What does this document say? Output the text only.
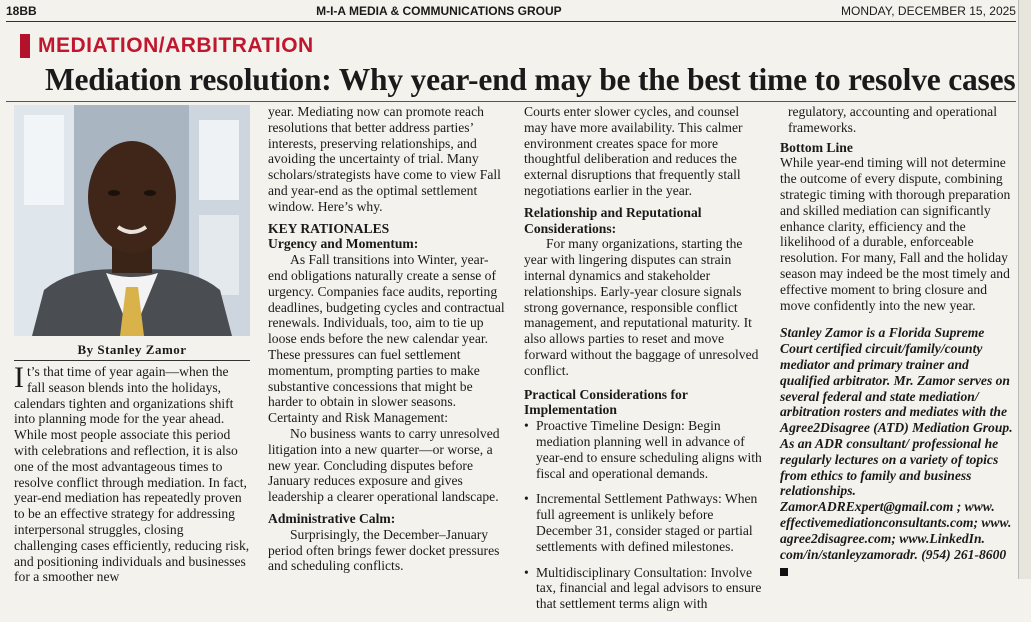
18BB	M-I-A MEDIA & COMMUNICATIONS GROUP	MONDAY, DECEMBER 15, 2025
MEDIATION/ARBITRATION
Mediation resolution: Why year-end may be the best time to resolve cases
By Stanley Zamor

It’s that time of year again—when the fall season blends into the holidays, calendars tighten and organizations shift into planning mode for the year ahead. While most people associate this period with celebrations and reflection, it is also one of the most advantageous times to resolve conflict through mediation. In fact, year-end mediation has repeatedly proven to be an effective strategy for addressing interpersonal struggles, closing challenging cases efficiently, reducing risk, and positioning individuals and businesses for a smoother new

year. Mediating now can promote reach resolutions that better address parties’ interests, preserving relationships, and avoiding the uncertainty of trial. Many scholars/strategists have come to view Fall and year-end as the optimal settlement window. Here’s why.

KEY RATIONALES

Urgency and Momentum:

As Fall transitions into Winter, year-end obligations naturally create a sense of urgency. Companies face audits, reporting deadlines, budgeting cycles and contractual renewals. Individuals, too, aim to tie up loose ends before the new calendar year. These pressures can fuel settlement momentum, prompting parties to make substantive concessions that might be harder to obtain in slower seasons.

Certainty and Risk Management:

No business wants to carry unresolved litigation into a new quarter—or worse, a new year. Concluding disputes before January reduces exposure and gives leadership a clearer operational landscape.

Administrative Calm:

Surprisingly, the December–January period often brings fewer docket pressures and scheduling conflicts.

Courts enter slower cycles, and counsel may have more availability. This calmer environment creates space for more thoughtful deliberation and reduces the external disruptions that frequently stall negotiations earlier in the year.

Relationship and Reputational Considerations:

For many organizations, starting the year with lingering disputes can strain internal dynamics and stakeholder relationships. Early-year closure signals strong governance, responsible conflict management, and reputational maturity. It also allows parties to reset and move forward without the baggage of unresolved conflict.

Practical Considerations for Implementation

• Proactive Timeline Design: Begin mediation planning well in advance of year-end to ensure scheduling aligns with fiscal and operational demands.
• Incremental Settlement Pathways: When full agreement is unlikely before December 31, consider staged or partial settlements with defined milestones.
• Multidisciplinary Consultation: Involve tax, financial and legal advisors to ensure that settlement terms align with

regulatory, accounting and operational frameworks.

Bottom Line

While year-end timing will not determine the outcome of every dispute, combining strategic timing with thorough preparation and skilled mediation can significantly enhance clarity, efficiency and the likelihood of a durable, enforceable resolution. For many, Fall and the holiday season may indeed be the most timely and effective moment to bring closure and move confidently into the new year.

Stanley Zamor is a Florida Supreme Court certified circuit/family/county mediator and primary trainer and qualified arbitrator. Mr. Zamor serves on several federal and state mediation/ arbitration rosters and mediates with the Agree2Disagree (ATD) Mediation Group. As an ADR consultant/ professional he regularly lectures on a variety of topics from ethics to family and business relationships. ZamorADRExpert@gmail.com ; www. effectivemediationconsultants.com; www. agree2disagree.com; www.LinkedIn. com/in/stanleyzamoradr. (954) 261-8600
